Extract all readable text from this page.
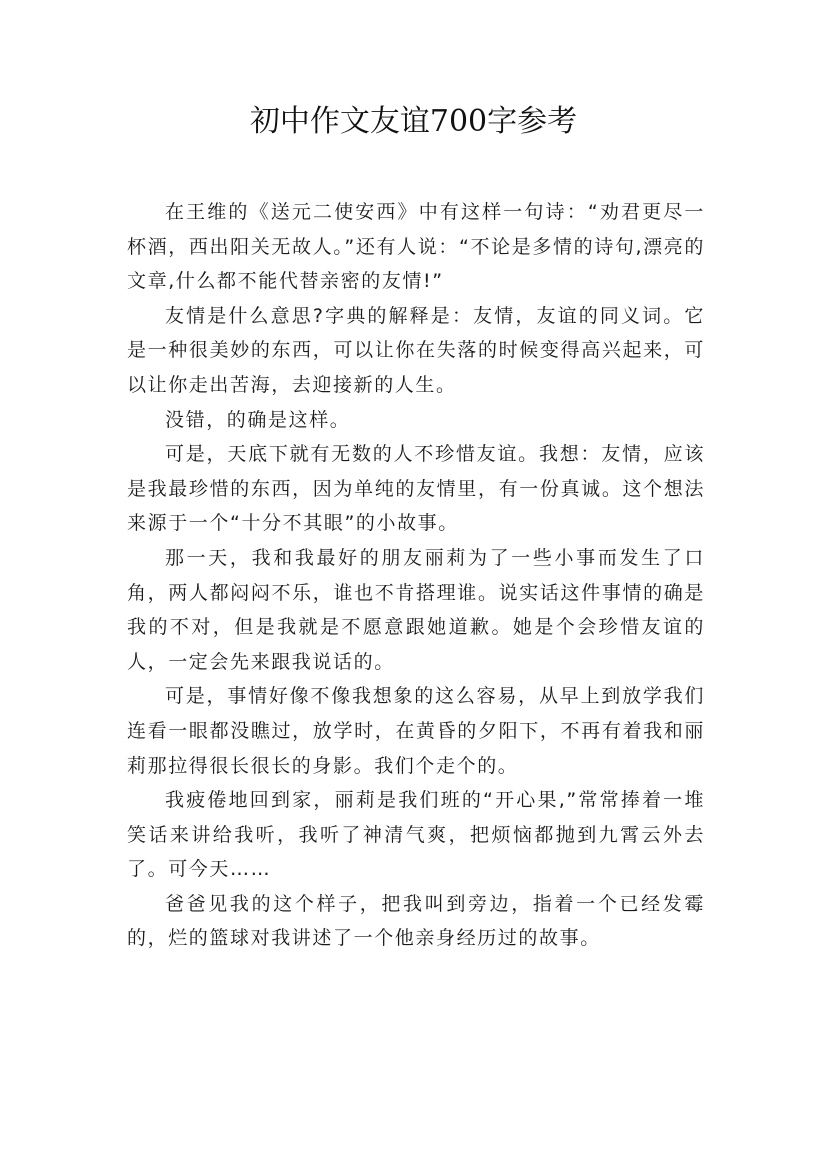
初中作文友谊700字参考

在王维的《送元二使安西》中有这样一句诗：“劝君更尽一杯酒，西出阳关无故人。”还有人说：“不论是多情的诗句,漂亮的文章,什么都不能代替亲密的友情!”

友情是什么意思?字典的解释是：友情，友谊的同义词。它是一种很美妙的东西，可以让你在失落的时候变得高兴起来，可以让你走出苦海，去迎接新的人生。

没错，的确是这样。

可是，天底下就有无数的人不珍惜友谊。我想：友情，应该是我最珍惜的东西，因为单纯的友情里，有一份真诚。这个想法来源于一个“十分不其眼”的小故事。

那一天，我和我最好的朋友丽莉为了一些小事而发生了口角，两人都闷闷不乐，谁也不肯搭理谁。说实话这件事情的确是我的不对，但是我就是不愿意跟她道歉。她是个会珍惜友谊的人，一定会先来跟我说话的。

可是，事情好像不像我想象的这么容易，从早上到放学我们连看一眼都没瞧过，放学时，在黄昏的夕阳下，不再有着我和丽莉那拉得很长很长的身影。我们个走个的。

我疲倦地回到家，丽莉是我们班的“开心果,”常常捧着一堆笑话来讲给我听，我听了神清气爽，把烦恼都抛到九霄云外去了。可今天……

爸爸见我的这个样子，把我叫到旁边，指着一个已经发霉的，烂的篮球对我讲述了一个他亲身经历过的故事。
